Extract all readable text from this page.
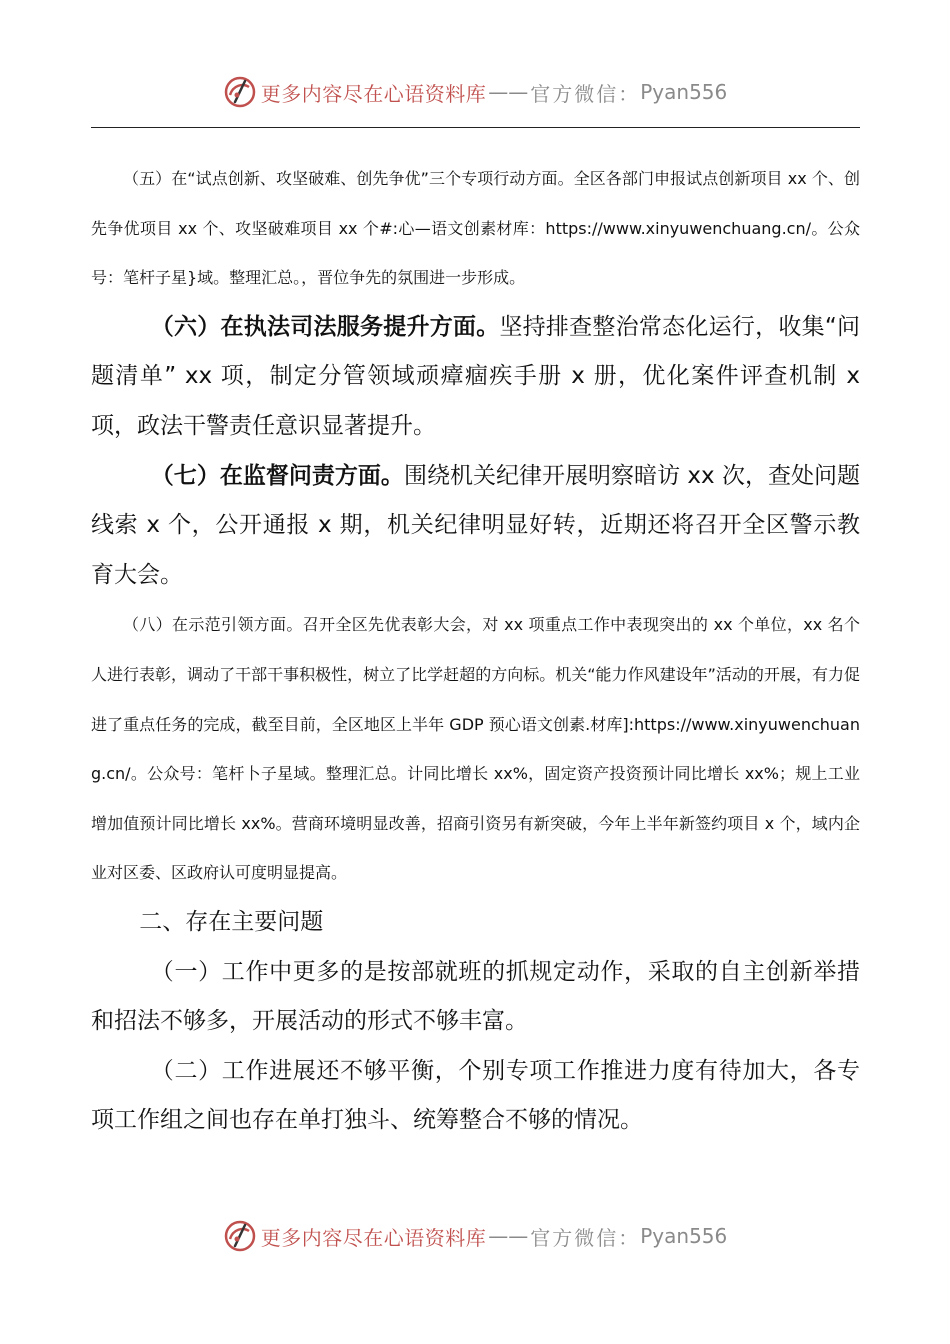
更多内容尽在心语资料库 —— 官方微信： Pyan556

（五）在“试点创新、攻坚破难、创先争优”三个专项行动方面。全区各部门申报试点创新项目 xx 个、创先争优项目 xx 个、攻坚破难项目 xx 个#:心—语文创素材库：https://www.xinyuwenchuang.cn/。公众号：笔杆子星}域。整理汇总。，晋位争先的氛围进一步形成。

（六）在执法司法服务提升方面。坚持排查整治常态化运行，收集“问题清单” xx 项，制定分管领域顽瘴痼疾手册 x 册，优化案件评查机制 x 项，政法干警责任意识显著提升。

（七）在监督问责方面。围绕机关纪律开展明察暗访 xx 次，查处问题线索 x 个，公开通报 x 期，机关纪律明显好转，近期还将召开全区警示教育大会。

（八）在示范引领方面。召开全区先优表彰大会，对 xx 项重点工作中表现突出的 xx 个单位，xx 名个人进行表彰，调动了干部干事积极性，树立了比学赶超的方向标。机关“能力作风建设年”活动的开展，有力促进了重点任务的完成，截至目前，全区地区上半年 GDP 预心语文创素.材库]:https://www.xinyuwenchuang.cn/。公众号：笔杆卜子星域。整理汇总。计同比增长 xx%，固定资产投资预计同比增长 xx%；规上工业增加值预计同比增长 xx%。营商环境明显改善，招商引资另有新突破，今年上半年新签约项目 x 个，域内企业对区委、区政府认可度明显提高。

二、存在主要问题

（一）工作中更多的是按部就班的抓规定动作，采取的自主创新举措和招法不够多，开展活动的形式不够丰富。

（二）工作进展还不够平衡，个别专项工作推进力度有待加大，各专项工作组之间也存在单打独斗、统筹整合不够的情况。

更多内容尽在心语资料库 —— 官方微信： Pyan556
